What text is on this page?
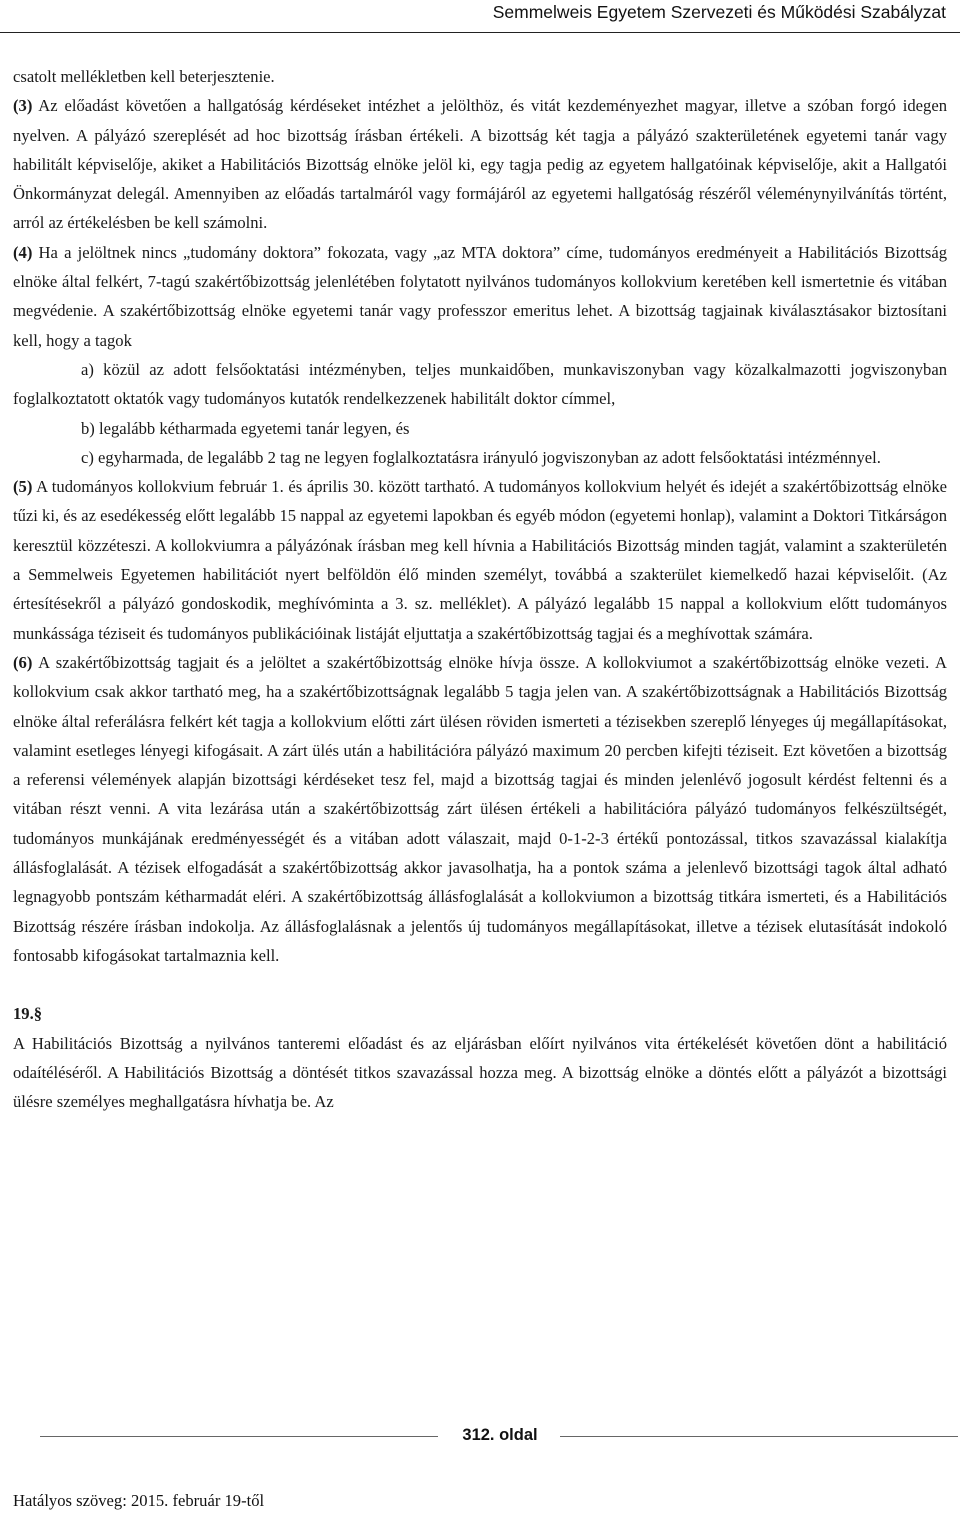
Semmelweis Egyetem Szervezeti és Működési Szabályzat

csatolt mellékletben kell beterjesztenie.

(3) Az előadást követően a hallgatóság kérdéseket intézhet a jelölthöz, és vitát kezdeményezhet magyar, illetve a szóban forgó idegen nyelven. A pályázó szereplését ad hoc bizottság írásban értékeli. A bizottság két tagja a pályázó szakterületének egyetemi tanár vagy habilitált képviselője, akiket a Habilitációs Bizottság elnöke jelöl ki, egy tagja pedig az egyetem hallgatóinak képviselője, akit a Hallgatói Önkormányzat delegál. Amennyiben az előadás tartalmáról vagy formájáról az egyetemi hallgatóság részéről véleménynyilvánítás történt, arról az értékelésben be kell számolni.

(4) Ha a jelöltnek nincs „tudomány doktora” fokozata, vagy „az MTA doktora” címe, tudományos eredményeit a Habilitációs Bizottság elnöke által felkért, 7-tagú szakértőbizottság jelenlétében folytatott nyilvános tudományos kollokvium keretében kell ismertetnie és vitában megvédenie. A szakértőbizottság elnöke egyetemi tanár vagy professzor emeritus lehet. A bizottság tagjainak kiválasztásakor biztosítani kell, hogy a tagok

a) közül az adott felsőoktatási intézményben, teljes munkaidőben, munkaviszonyban vagy közalkalmazotti jogviszonyban foglalkoztatott oktatók vagy tudományos kutatók rendelkezzenek habilitált doktor címmel,

b) legalább kétharmada egyetemi tanár legyen, és

c) egyharmada, de legalább 2 tag ne legyen foglalkoztatásra irányuló jogviszonyban az adott felsőoktatási intézménnyel.

(5) A tudományos kollokvium február 1. és április 30. között tartható. A tudományos kollokvium helyét és idejét a szakértőbizottság elnöke tűzi ki, és az esedékesség előtt legalább 15 nappal az egyetemi lapokban és egyéb módon (egyetemi honlap), valamint a Doktori Titkárságon keresztül közzéteszi. A kollokviumra a pályázónak írásban meg kell hívnia a Habilitációs Bizottság minden tagját, valamint a szakterületén a Semmelweis Egyetemen habilitációt nyert belföldön élő minden személyt, továbbá a szakterület kiemelkedő hazai képviselőit. (Az értesítésekről a pályázó gondoskodik, meghívóminta a 3. sz. melléklet). A pályázó legalább 15 nappal a kollokvium előtt tudományos munkássága téziseit és tudományos publikációinak listáját eljuttatja a szakértőbizottság tagjai és a meghívottak számára.

(6) A szakértőbizottság tagjait és a jelöltet a szakértőbizottság elnöke hívja össze. A kollokviumot a szakértőbizottság elnöke vezeti. A kollokvium csak akkor tartható meg, ha a szakértőbizottságnak legalább 5 tagja jelen van. A szakértőbizottságnak a Habilitációs Bizottság elnöke által referálásra felkért két tagja a kollokvium előtti zárt ülésen röviden ismerteti a tézisekben szereplő lényeges új megállapításokat, valamint esetleges lényegi kifogásait. A zárt ülés után a habilitációra pályázó maximum 20 percben kifejti téziseit. Ezt követően a bizottság a referensi vélemények alapján bizottsági kérdéseket tesz fel, majd a bizottság tagjai és minden jelenlévő jogosult kérdést feltenni és a vitában részt venni. A vita lezárása után a szakértőbizottság zárt ülésen értékeli a habilitációra pályázó tudományos felkészültségét, tudományos munkájának eredményességét és a vitában adott válaszait, majd 0-1-2-3 értékű pontozással, titkos szavazással kialakítja állásfoglalását. A tézisek elfogadását a szakértőbizottság akkor javasolhatja, ha a pontok száma a jelenlevő bizottsági tagok által adható legnagyobb pontszám kétharmadát eléri. A szakértőbizottság állásfoglalását a kollokviumon a bizottság titkára ismerteti, és a Habilitációs Bizottság részére írásban indokolja. Az állásfoglalásnak a jelentős új tudományos megállapításokat, illetve a tézisek elutasítását indokoló fontosabb kifogásokat tartalmaznia kell.

19.§

A Habilitációs Bizottság a nyilvános tanteremi előadást és az eljárásban előírt nyilvános vita értékelését követően dönt a habilitáció odaítéléséről. A Habilitációs Bizottság a döntését titkos szavazással hozza meg. A bizottság elnöke a döntés előtt a pályázót a bizottsági ülésre személyes meghallgatásra hívhatja be. Az

312. oldal
Hatályos szöveg: 2015. február 19-től
